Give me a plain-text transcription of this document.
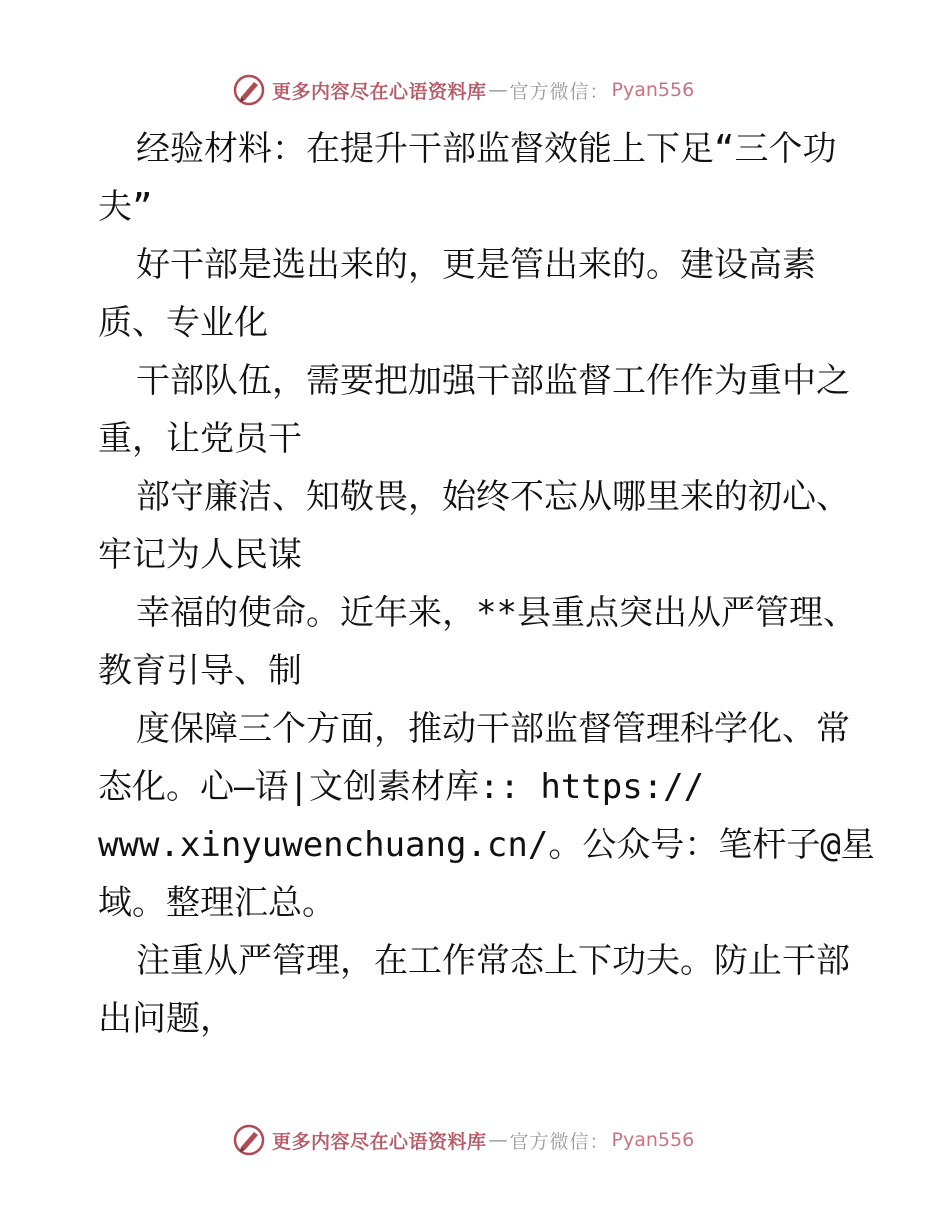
更多内容尽在心语资料库 — 官方微信： Pyan556
经验材料：在提升干部监督效能上下足“三个功
夫”
好干部是选出来的，更是管出来的。建设高素
质、专业化
干部队伍，需要把加强干部监督工作作为重中之
重，让党员干
部守廉洁、知敬畏，始终不忘从哪里来的初心、
牢记为人民谋
幸福的使命。近年来，**县重点突出从严管理、
教育引导、制
度保障三个方面，推动干部监督管理科学化、常
态化。心—语|文创素材库:: https://
www.xinyuwenchuang.cn/。公众号：笔杆子@星
域。整理汇总。
注重从严管理，在工作常态上下功夫。防止干部
出问题，
更多内容尽在心语资料库 — 官方微信： Pyan556
